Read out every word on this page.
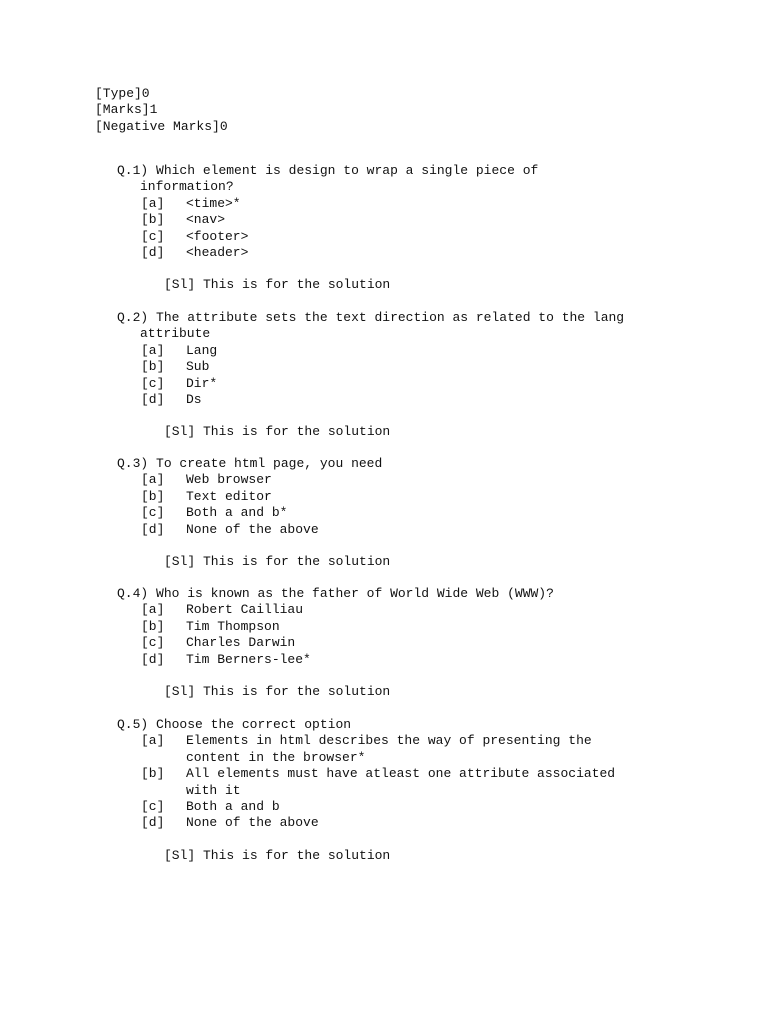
[Type]0
[Marks]1
[Negative Marks]0
Q.1) Which element is design to wrap a single piece of
information?
[a] <time>*
[b] <nav>
[c] <footer>
[d] <header>
[Sl] This is for the solution
Q.2) The attribute sets the text direction as related to the lang
attribute
[a] Lang
[b] Sub
[c] Dir*
[d] Ds
[Sl] This is for the solution
Q.3) To create html page, you need
[a] Web browser
[b] Text editor
[c] Both a and b*
[d] None of the above
[Sl] This is for the solution
Q.4) Who is known as the father of World Wide Web (WWW)?
[a] Robert Cailliau
[b] Tim Thompson
[c] Charles Darwin
[d] Tim Berners-lee*
[Sl] This is for the solution
Q.5) Choose the correct option
[a] Elements in html describes the way of presenting the
content in the browser*
[b] All elements must have atleast one attribute associated
with it
[c] Both a and b
[d] None of the above
[Sl] This is for the solution
